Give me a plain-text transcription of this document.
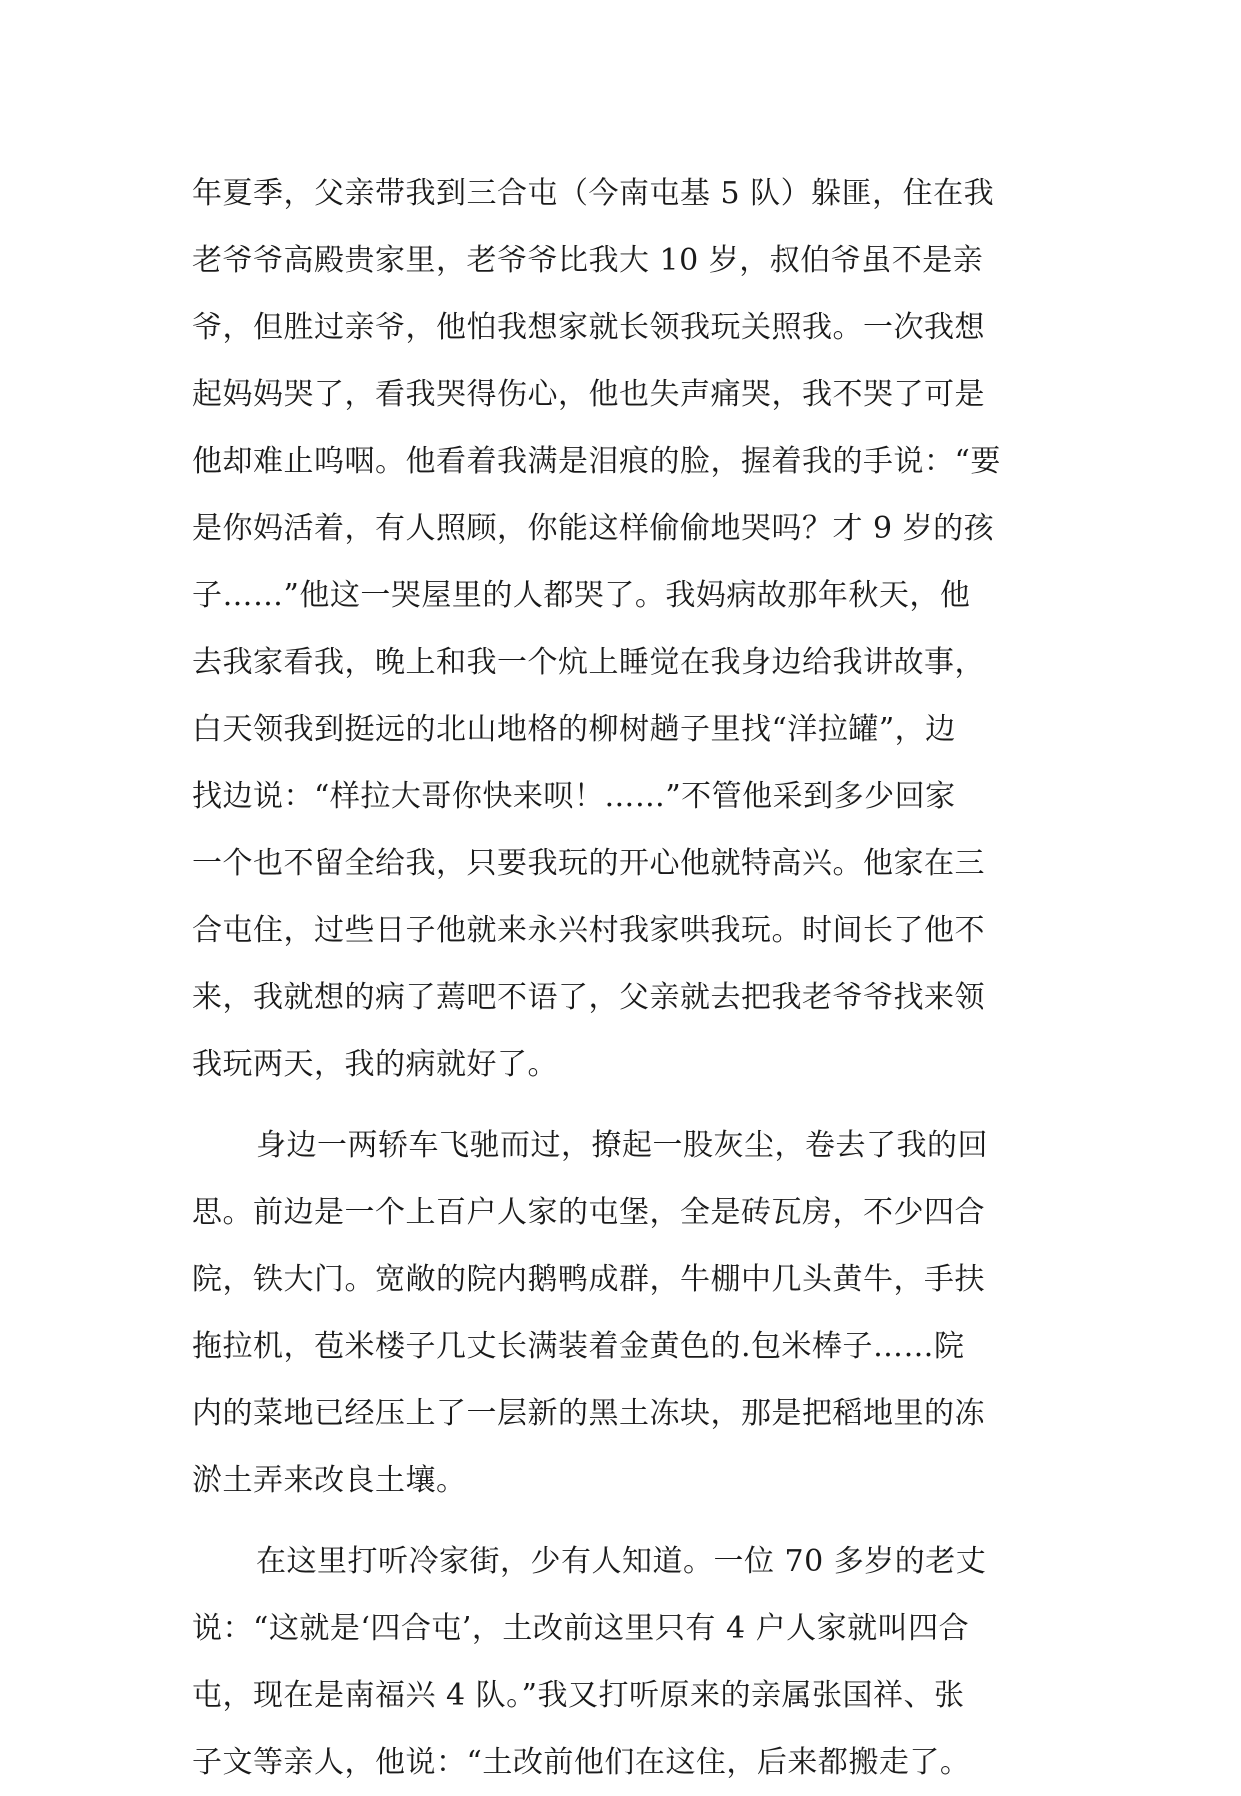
年夏季，父亲带我到三合屯（今南屯基 5 队）躲匪，住在我
老爷爷高殿贵家里，老爷爷比我大 10 岁，叔伯爷虽不是亲
爷，但胜过亲爷，他怕我想家就长领我玩关照我。一次我想
起妈妈哭了，看我哭得伤心，他也失声痛哭，我不哭了可是
他却难止呜咽。他看着我满是泪痕的脸，握着我的手说：“要
是你妈活着，有人照顾，你能这样偷偷地哭吗？才 9 岁的孩
子……”他这一哭屋里的人都哭了。我妈病故那年秋天，他
去我家看我，晚上和我一个炕上睡觉在我身边给我讲故事，
白天领我到挺远的北山地格的柳树趟子里找“洋拉罐”，边
找边说：“样拉大哥你快来呗！……”不管他采到多少回家
一个也不留全给我，只要我玩的开心他就特高兴。他家在三
合屯住，过些日子他就来永兴村我家哄我玩。时间长了他不
来，我就想的病了蔫吧不语了，父亲就去把我老爷爷找来领
我玩两天，我的病就好了。
身边一两轿车飞驰而过，撩起一股灰尘，卷去了我的回
思。前边是一个上百户人家的屯堡，全是砖瓦房，不少四合
院，铁大门。宽敞的院内鹅鸭成群，牛棚中几头黄牛，手扶
拖拉机，苞米楼子几丈长满装着金黄色的.包米棒子……院
内的菜地已经压上了一层新的黑土冻块，那是把稻地里的冻
淤土弄来改良土壤。
在这里打听冷家街，少有人知道。一位 70 多岁的老丈
说：“这就是‘四合屯’，土改前这里只有 4 户人家就叫四合
屯，现在是南福兴 4 队。”我又打听原来的亲属张国祥、张
子文等亲人，他说：“土改前他们在这住，后来都搬走了。
